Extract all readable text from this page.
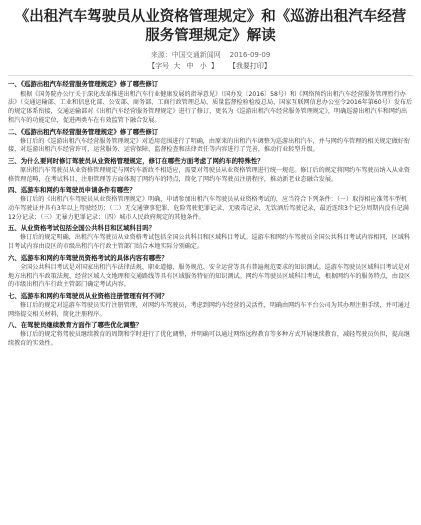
《出租汽车驾驶员从业资格管理规定》和《巡游出租汽车经营服务管理规定》解读
来源：中国交通新闻网 2016-09-09
【字号 大 中 小 】 【我要打印】
一、《巡游出租汽车经营服务管理规定》修了哪些修订

根据《国务院办公厅关于深化改革推进出租汽车行业健康发展的指导意见》（国办发〔2016〕58号）和《网络预约出租汽车经营服务管理暂行办法》（交通运输部、工业和信息化部、公安部、商务部、工商行政管理总局、质量监督检验检疫总局、国家互联网信息办公室令2016年第60号）发布后的规定体系衔接，交通运输部对《出租汽车经营服务管理规定》进行了修订，更名为《巡游出租汽车经营服务管理规定》，明确巡游出租汽车和网约出租汽车的功能定位，促进两类车在有效监管下融合发展。

二、《巡游出租汽车经营服务管理规定》修了哪些修订

修订后的《巡游出租汽车经营服务管理规定》对适用范围进行了明确，由原来的出租汽车调整为巡游出租汽车，并与网约车管理的相关规定做好衔接，对巡游出租汽车经营许可、运营服务、运营保障、监督检查和法律责任等内容进行了完善，推动行业转型升级。

三、为什么要同时修订驾驶员从业资格管理规定，修订在哪些方面考虑了网约车的特殊性？

原出租汽车驾驶员从业资格管理规定与网约车新政不相适应，需要对驾驶员从业资格管理进行统一规范。修订后的规定将网约车驾驶员纳入从业资格管理范畴，在考试科目、注册管理等方面体现了网约车的特点，简化了网约车驾驶员注册程序，推动新老业态融合发展。

四、巡游车和网约车驾驶员申请条件有哪些？

修订后的《出租汽车驾驶员从业资格管理规定》明确，申请参加出租汽车驾驶员从业资格考试的，应当符合下列条件：（一）取得相应准驾车型机动车驾驶证并具有3年以上驾驶经历；（二）无交通肇事犯罪、危险驾驶犯罪记录，无吸毒记录，无饮酒后驾驶记录，最近连续3个记分周期内没有记满12分记录；（三）无暴力犯罪记录；（四）城市人民政府规定的其他条件。

五、从业资格考试包括全国公共科目和区域科目吗？

修订后的规定明确，出租汽车驾驶员从业资格考试包括全国公共科目和区域科目考试。巡游车和网约车驾驶员全国公共科目考试内容相同，区域科目考试内容由设区的市级出租汽车行政主管部门结合本地实际分别确定。

六、巡游车和网约车驾驶员资格考试的具体内容有哪些？

全国公共科目考试是对国家出租汽车法律法规、职业道德、服务规范、安全运营等具有普遍规范要求的知识测试。巡游车驾驶员区域科目考试是对地方出租汽车政策法规、经营区域人文地理和交通路线等具有区域服务特征的知识测试。网约车驾驶员区域科目考试，根据网约车的服务特点，由设区的市级出租汽车行政主管部门确定考试内容。

七、巡游车和网约车驾驶员从业资格注册管理有何不同？

修订后的规定对巡游车驾驶员实行注册管理，对网约车驾驶员，考虑到网约车经营的灵活性，明确由网约车平台公司为其办理注册手续，并可通过网络提交相关材料，简化注册程序。

八、在驾驶员继续教育方面作了哪些优化调整？

修订后的规定将驾驶员继续教育的周期和学时进行了优化调整，并明确可以通过网络远程教育等多种方式开展继续教育，减轻驾驶员负担，提高继续教育的实效性。
